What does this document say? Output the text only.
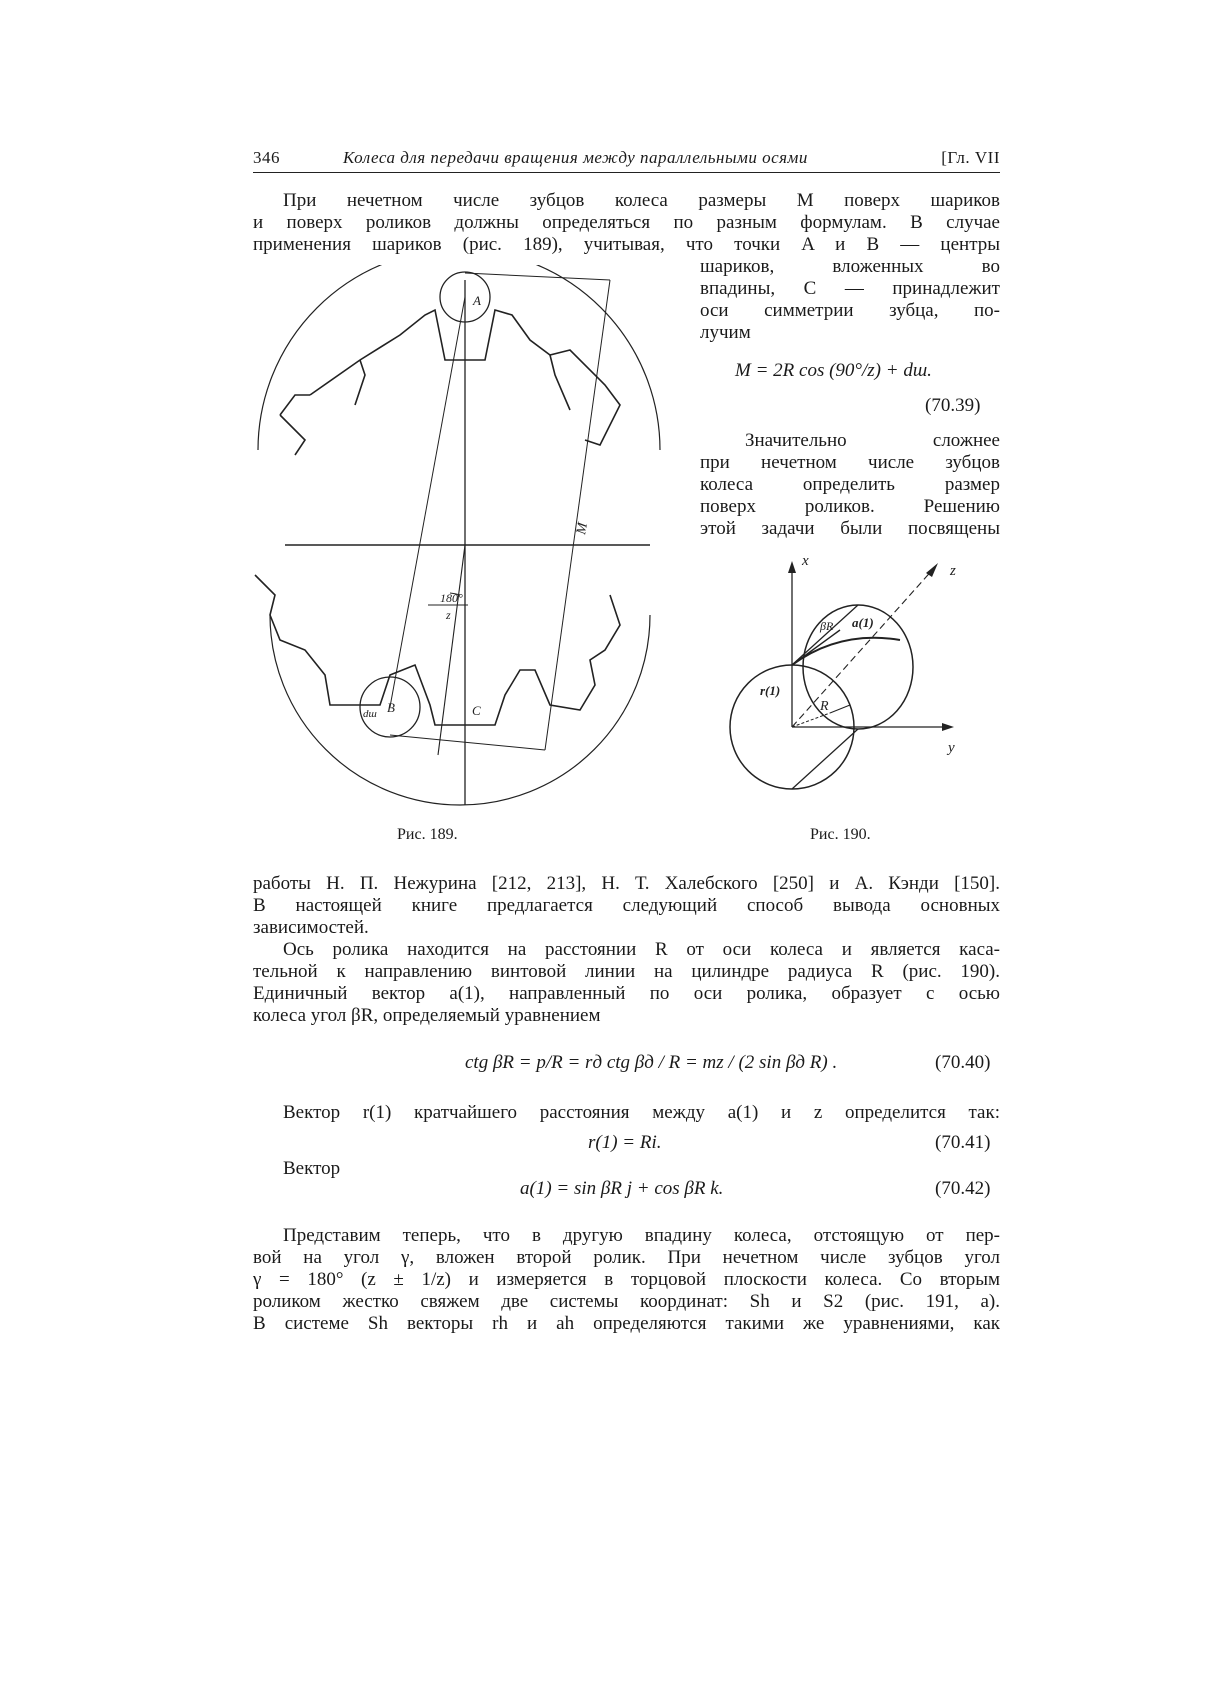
346	Колеса для передачи вращения между параллельными осями	[Гл. VII
При нечетном числе зубцов колеса размеры M поверх шариков
и поверх роликов должны определяться по разным формулам. В случае
применения шариков (рис. 189), учитывая, что точки A и B — центры
шариков, вложенных во
впадины, C — принадлежит
оси симметрии зубца, по-
лучим
M = 2R cos (90°/z) + dш.
(70.39)
Значительно сложнее
при нечетном числе зубцов
колеса определить размер
поверх роликов. Решению
этой задачи были посвящены
A
B	C
M
dш
180°
z
Рис. 189.
x
y
z
R
βR a(1)
r(1)
Рис. 190.
работы Н. П. Нежурина [212, 213], Н. Т. Халебского [250] и А. Кэнди [150].
В настоящей книге предлагается следующий способ вывода основных
зависимостей.
Ось ролика находится на расстоянии R от оси колеса и является каса-
тельной к направлению винтовой линии на цилиндре радиуса R (рис. 190).
Единичный вектор a(1), направленный по оси ролика, образует с осью
колеса угол βR, определяемый уравнением
ctg βR = p/R = rд ctg βд / R = mz / (2 sin βд R) .	(70.40)
Вектор r(1) кратчайшего расстояния между a(1) и z определится так:
r(1) = Ri.	(70.41)
Вектор
a(1) = sin βR j + cos βR k.	(70.42)
Представим теперь, что в другую впадину колеса, отстоящую от пер-
вой на угол γ, вложен второй ролик. При нечетном числе зубцов угол
γ = 180° (z ± 1/z) и измеряется в торцовой плоскости колеса. Со вторым
роликом жестко свяжем две системы координат: Sh и S2 (рис. 191, a).
В системе Sh векторы rh и ah определяются такими же уравнениями, как
